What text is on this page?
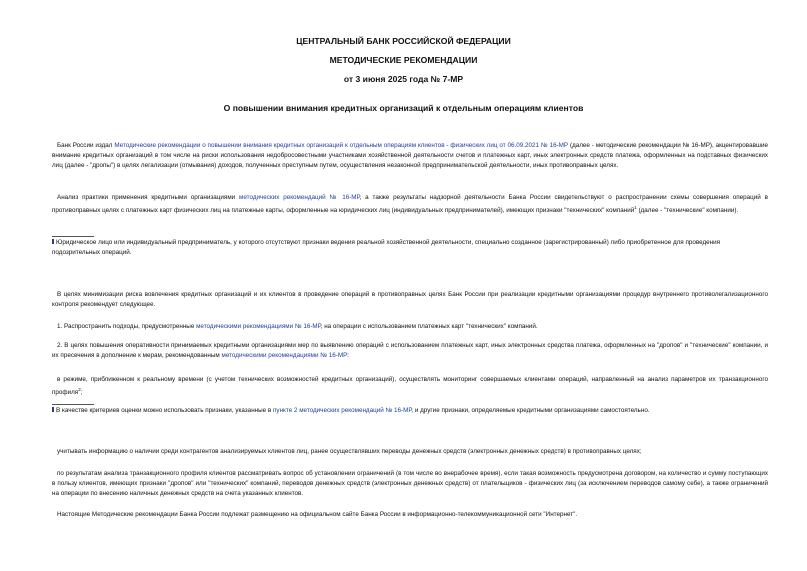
ЦЕНТРАЛЬНЫЙ БАНК РОССИЙСКОЙ ФЕДЕРАЦИИ
МЕТОДИЧЕСКИЕ РЕКОМЕНДАЦИИ
от 3 июня 2025 года № 7-МР
О повышении внимания кредитных организаций к отдельным операциям клиентов

Банк России издал Методические рекомендации о повышении внимания кредитных организаций к отдельным операциям клиентов - физических лиц от 06.09.2021 № 16-МР (далее - методические рекомендации № 16-МР), акцентировавшие внимание кредитных организаций в том числе на риски использования недобросовестными участниками хозяйственной деятельности счетов и платежных карт, иных электронных средств платежа, оформленных на подставных физических лиц (далее - "дропы") в целях легализации (отмывания) доходов, полученных преступным путем, осуществления незаконной предпринимательской деятельности, иных противоправных целях.

Анализ практики применения кредитными организациями методических рекомендаций № 16-МР, а также результаты надзорной деятельности Банка России свидетельствуют о распространении схемы совершения операций в противоправных целях с платежных карт физических лиц на платежные карты, оформленные на юридических лиц (индивидуальных предпринимателей), имеющих признаки "технических" компаний$^1$ (далее - "технические" компании).

Юридическое лицо или индивидуальный предприниматель, у которого отсутствуют признаки ведения реальной хозяйственной деятельности, специально созданное (зарегистрированный) либо приобретенное для проведения подозрительных операций.

В целях минимизации риска вовлечения кредитных организаций и их клиентов в проведение операций в противоправных целях Банк России при реализации кредитными организациями процедур внутреннего противолегализационного контроля рекомендует следующее.

1. Распространить подходы, предусмотренные методическими рекомендациями № 16-МР, на операции с использованием платежных карт "технических" компаний.

2. В целях повышения оперативности принимаемых кредитными организациями мер по выявлению операций с использованием платежных карт, иных электронных средства платежа, оформленных на "дропов" и "технические" компании, и их пресечения в дополнение к мерам, рекомендованным методическими рекомендациями № 16-МР:

в режиме, приближенном к реальному времени (с учетом технических возможностей кредитных организаций), осуществлять мониторинг совершаемых клиентами операций, направленный на анализ параметров их транзакционного профиля$^2$;

В качестве критериев оценки можно использовать признаки, указанные в пункте 2 методических рекомендаций № 16-МР, и другие признаки, определяемые кредитными организациями самостоятельно.

учитывать информацию о наличии среди контрагентов анализируемых клиентов лиц, ранее осуществлявших переводы денежных средств (электронных денежных средств) в противоправных целях;

по результатам анализа транзакционного профиля клиентов рассматривать вопрос об установлении ограничений (в том числе во внерабочее время), если такая возможность предусмотрена договором, на количество и сумму поступающих в пользу клиентов, имеющих признаки "дропов" или "технических" компаний, переводов денежных средств (электронных денежных средств) от плательщиков - физических лиц (за исключением переводов самому себе), а также ограничений на операции по внесению наличных денежных средств на счета указанных клиентов.

Настоящие Методические рекомендации Банка России подлежат размещению на официальном сайте Банка России в информационно-телекоммуникационной сети "Интернет".
